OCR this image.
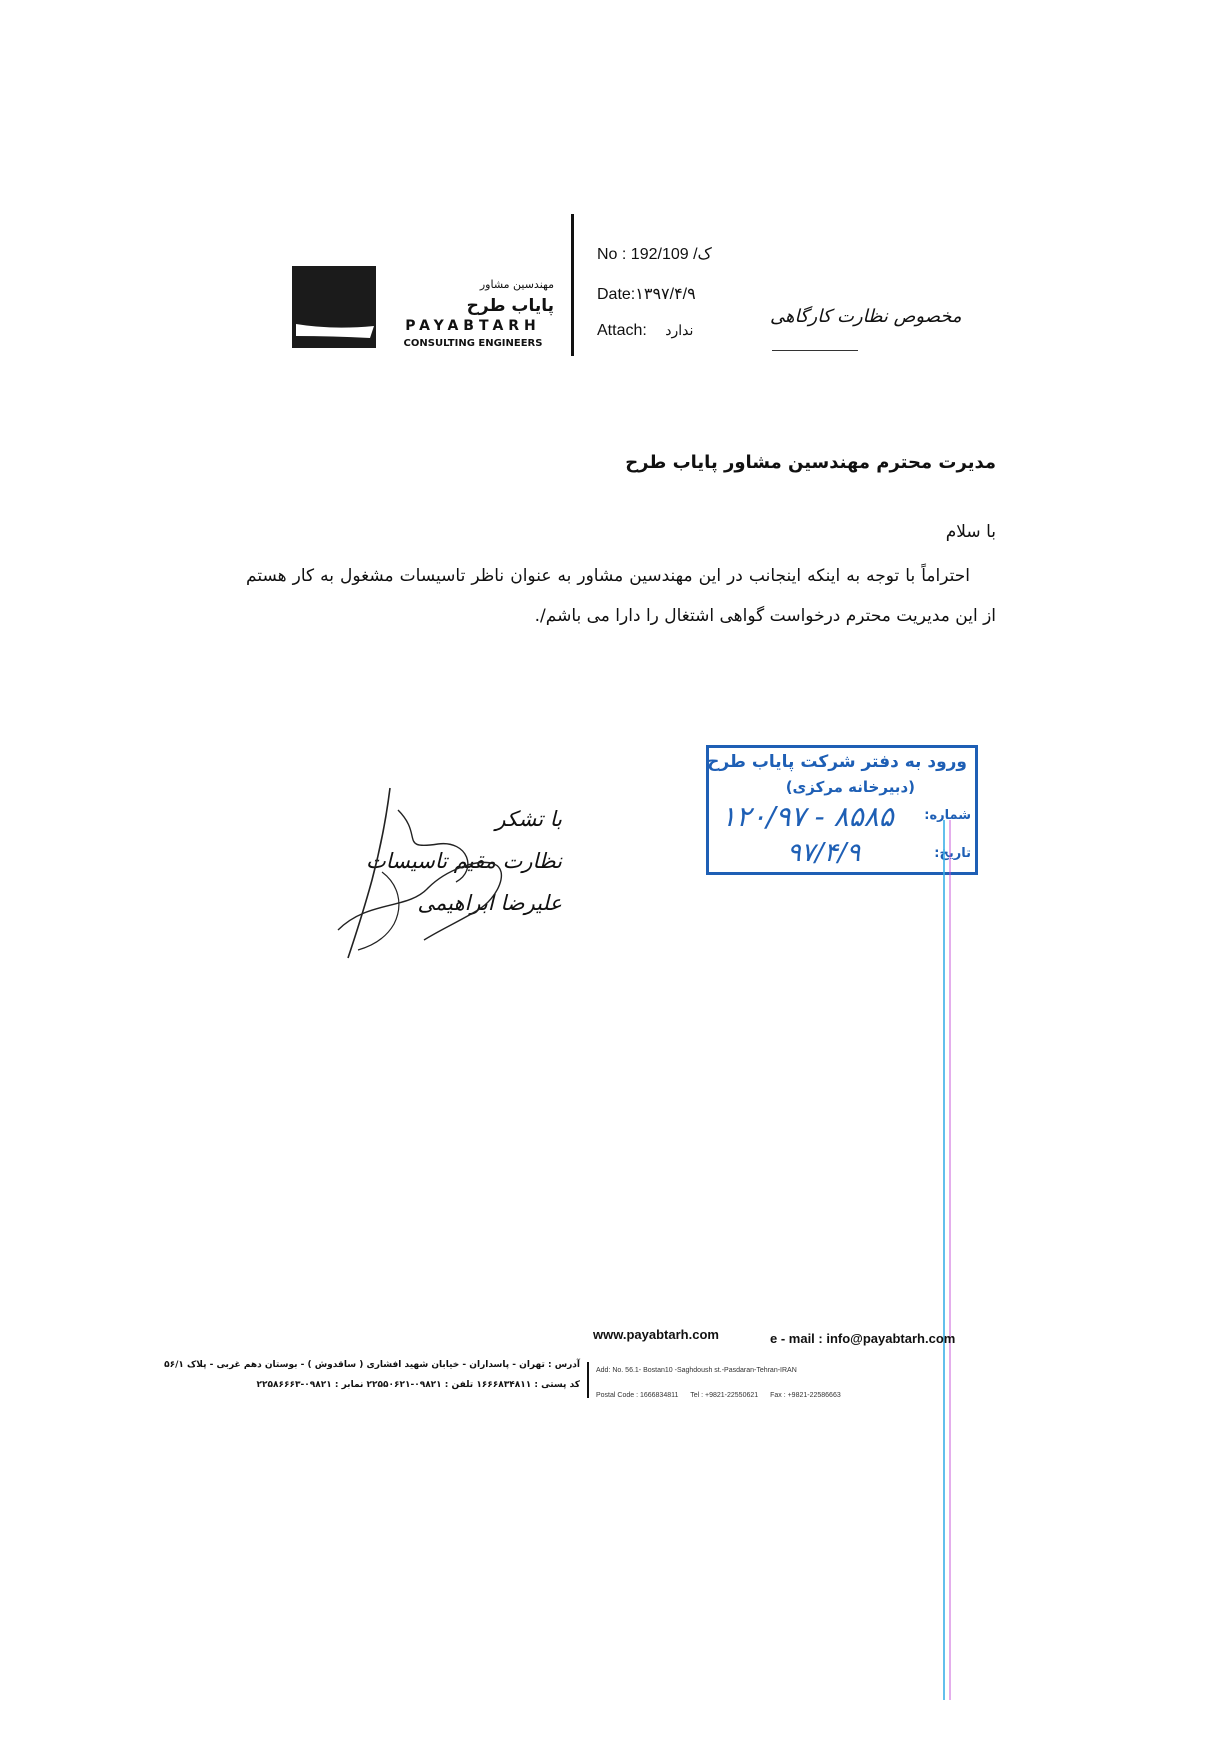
مهندسین مشاور
پایاب طرح
PAYABTARH
CONSULTING ENGINEERS
No : 192/ک/ 109
Date:۱۳۹۷/۴/۹
Attach: ندارد
مخصوص نظارت کارگاهی
مدیرت محترم مهندسین مشاور پایاب طرح
با سلام
احتراماً با توجه به اینکه اینجانب در این مهندسین مشاور به عنوان ناظر تاسیسات مشغول به کار هستم از این مدیریت محترم درخواست گواهی اشتغال را دارا می باشم/.
با تشکر
نظارت مقیم تاسیسات
علیرضا ابراهیمی
ورود به دفتر شرکت پایاب طرح
(دبیرخانه مرکزی)
شماره:
۱۲۰/۹۷ - ۸۵۸۵
تاریخ:
۹۷/۴/۹
www.payabtarh.com	e - mail : info@payabtarh.com
آدرس : تهران - پاسداران - خیابان شهید افشاری ( ساقدوش ) - بوستان دهم غربی - پلاک ۵۶/۱
کد پستی : ۱۶۶۶۸۳۴۸۱۱ تلفن : ۰۹۸۲۱-۲۲۵۵۰۶۲۱ نمابر : ۰۹۸۲۱-۲۲۵۸۶۶۶۳
Add: No. 56.1- Bostan10 -Saghdoush st.-Pasdaran-Tehran-IRAN
Postal Code : 1666834811 Tel : +9821-22550621 Fax : +9821-22586663
